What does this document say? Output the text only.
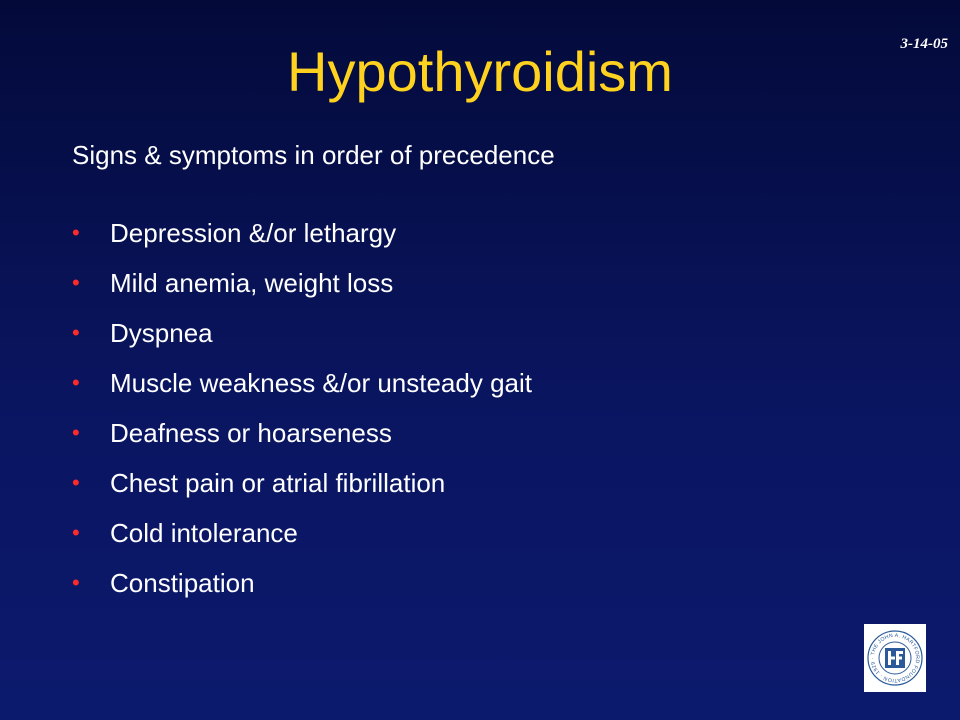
3-14-05
Hypothyroidism
Signs & symptoms in order of precedence
•	Depression &/or lethargy
•	Mild anemia, weight loss
•	Dyspnea
•	Muscle weakness &/or unsteady gait
•	Deafness or hoarseness
•	Chest pain or atrial fibrillation
•	Cold intolerance
•	Constipation
THE JOHN A. HARTFORD FOUNDATION · 1929 ·
